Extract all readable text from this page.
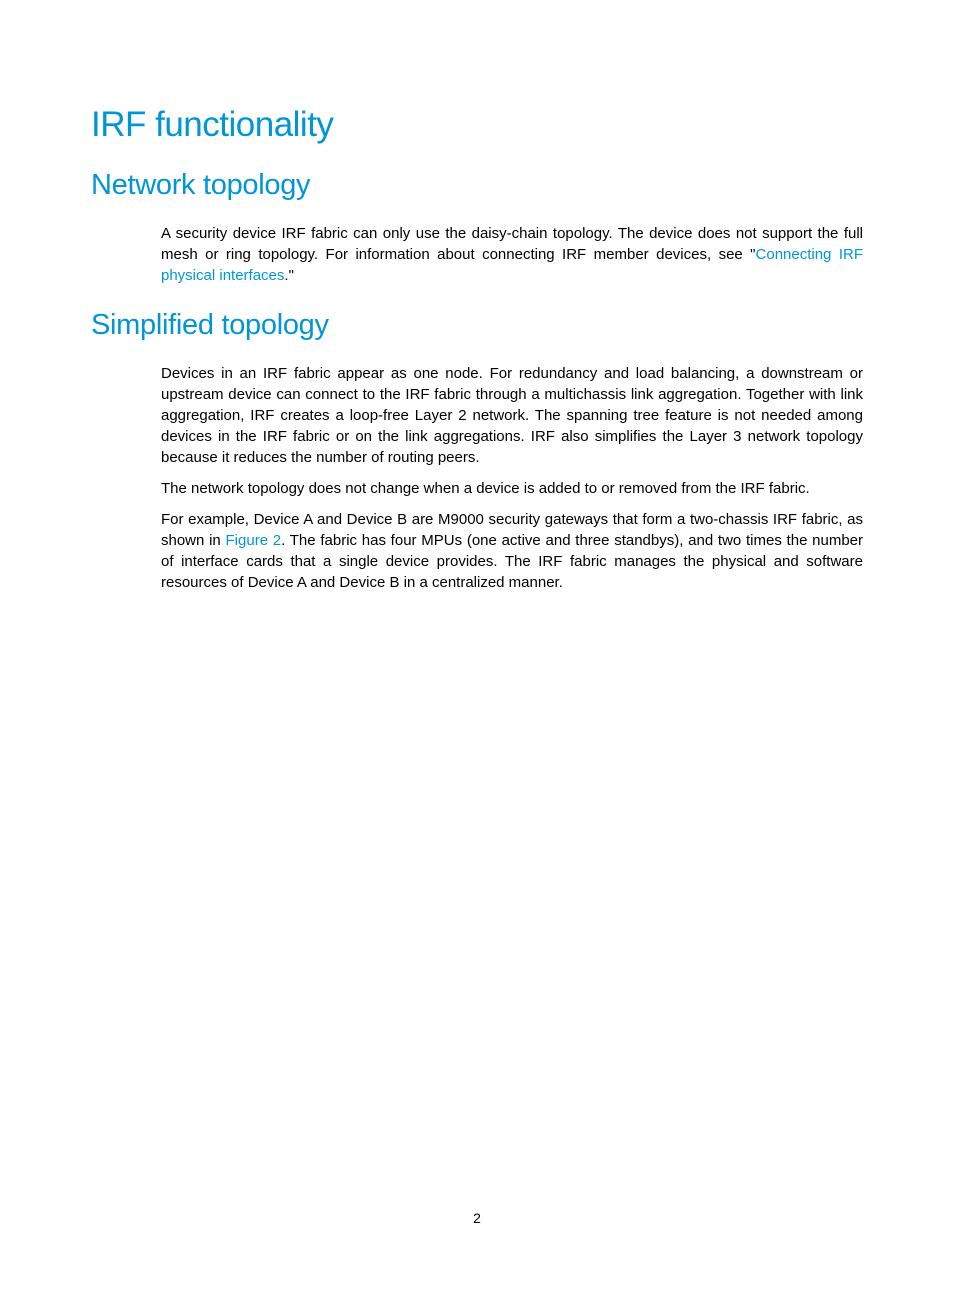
IRF functionality
Network topology

A security device IRF fabric can only use the daisy-chain topology. The device does not support the full mesh or ring topology. For information about connecting IRF member devices, see "Connecting IRF physical interfaces."

Simplified topology

Devices in an IRF fabric appear as one node. For redundancy and load balancing, a downstream or upstream device can connect to the IRF fabric through a multichassis link aggregation. Together with link aggregation, IRF creates a loop-free Layer 2 network. The spanning tree feature is not needed among devices in the IRF fabric or on the link aggregations. IRF also simplifies the Layer 3 network topology because it reduces the number of routing peers.

The network topology does not change when a device is added to or removed from the IRF fabric.

For example, Device A and Device B are M9000 security gateways that form a two-chassis IRF fabric, as shown in Figure 2. The fabric has four MPUs (one active and three standbys), and two times the number of interface cards that a single device provides. The IRF fabric manages the physical and software resources of Device A and Device B in a centralized manner.

2
